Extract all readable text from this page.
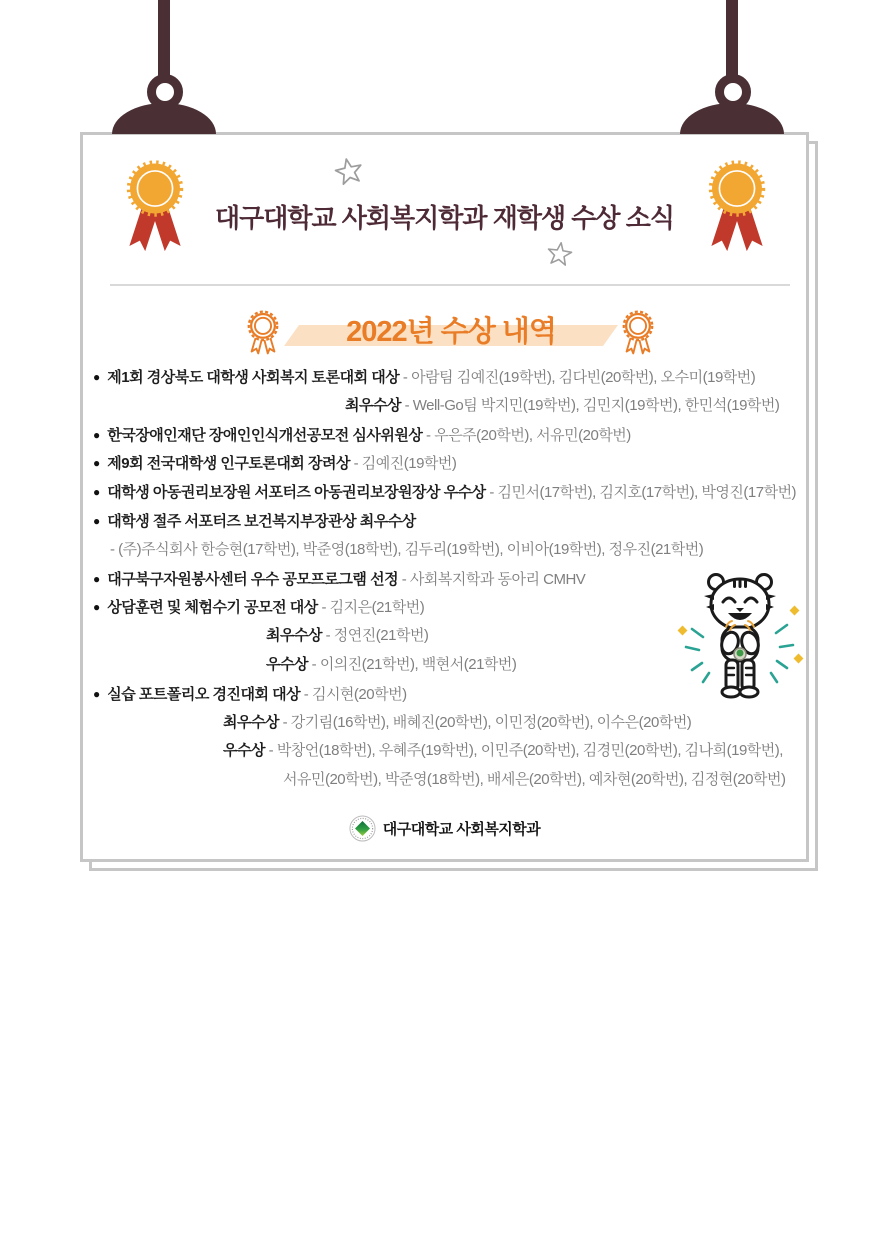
대구대학교 사회복지학과 재학생 수상 소식
2022년 수상 내역
● 제1회 경상북도 대학생 사회복지 토론대회 대상 - 아람팀 김예진(19학번), 김다빈(20학번), 오수미(19학번)
최우수상 - Well-Go팀 박지민(19학번), 김민지(19학번), 한민석(19학번)
● 한국장애인재단 장애인인식개선공모전 심사위원상 - 우은주(20학번), 서유민(20학번)
● 제9회 전국대학생 인구토론대회 장려상 - 김예진(19학번)
● 대학생 아동권리보장원 서포터즈 아동권리보장원장상 우수상 - 김민서(17학번), 김지호(17학번), 박영진(17학번)
● 대학생 절주 서포터즈 보건복지부장관상 최우수상
- (주)주식회사 한승현(17학번), 박준영(18학번), 김두리(19학번), 이비아(19학번), 정우진(21학번)
● 대구북구자원봉사센터 우수 공모프로그램 선정 - 사회복지학과 동아리 CMHV
● 상담훈련 및 체험수기 공모전 대상 - 김지은(21학번)
최우수상 - 정연진(21학번)
우수상 - 이의진(21학번), 백현서(21학번)
● 실습 포트폴리오 경진대회 대상 - 김시현(20학번)
최우수상 - 강기림(16학번), 배혜진(20학번), 이민정(20학번), 이수은(20학번)
우수상 - 박창언(18학번), 우혜주(19학번), 이민주(20학번), 김경민(20학번), 김나희(19학번),
서유민(20학번), 박준영(18학번), 배세은(20학번), 예차현(20학번), 김정현(20학번)
대구대학교 사회복지학과
